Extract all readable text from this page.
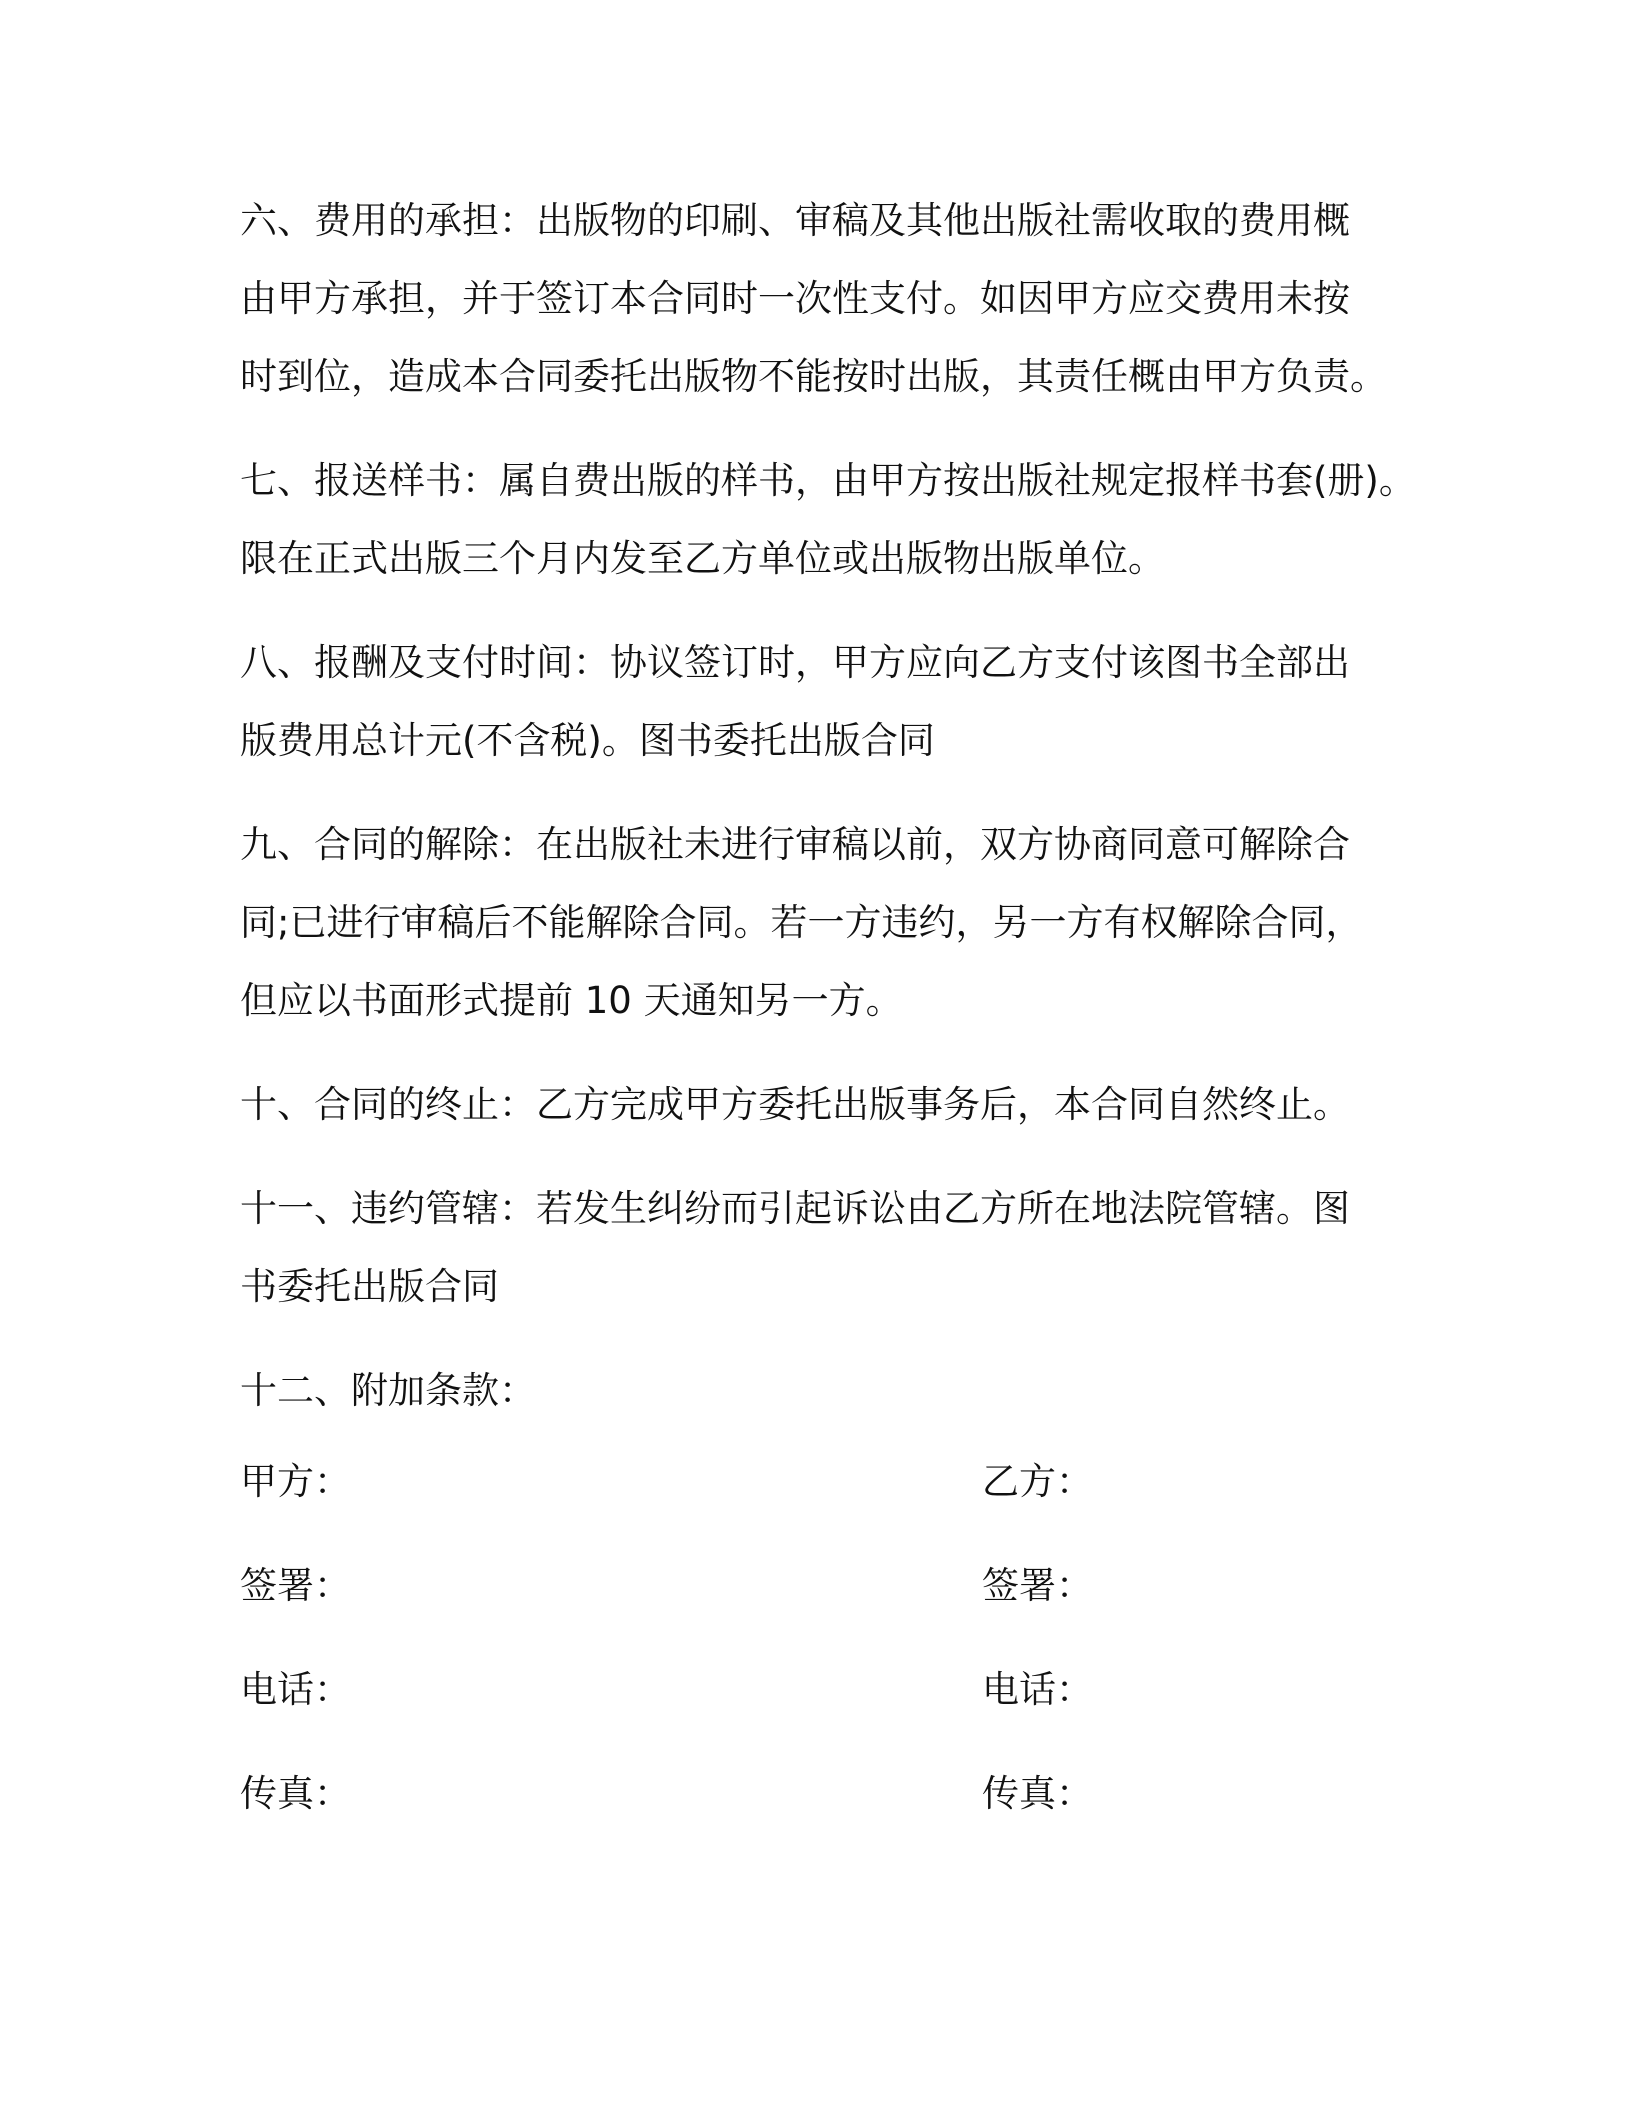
六、费用的承担：出版物的印刷、审稿及其他出版社需收取的费用概
由甲方承担，并于签订本合同时一次性支付。如因甲方应交费用未按
时到位，造成本合同委托出版物不能按时出版，其责任概由甲方负责。
七、报送样书：属自费出版的样书，由甲方按出版社规定报样书套(册)。
限在正式出版三个月内发至乙方单位或出版物出版单位。
八、报酬及支付时间：协议签订时，甲方应向乙方支付该图书全部出
版费用总计元(不含税)。图书委托出版合同
九、合同的解除：在出版社未进行审稿以前，双方协商同意可解除合
同;已进行审稿后不能解除合同。若一方违约，另一方有权解除合同，
但应以书面形式提前 10 天通知另一方。
十、合同的终止：乙方完成甲方委托出版事务后，本合同自然终止。
十一、违约管辖：若发生纠纷而引起诉讼由乙方所在地法院管辖。图
书委托出版合同
十二、附加条款：
甲方：	乙方：
签署：	签署：
电话：	电话：
传真：	传真：
